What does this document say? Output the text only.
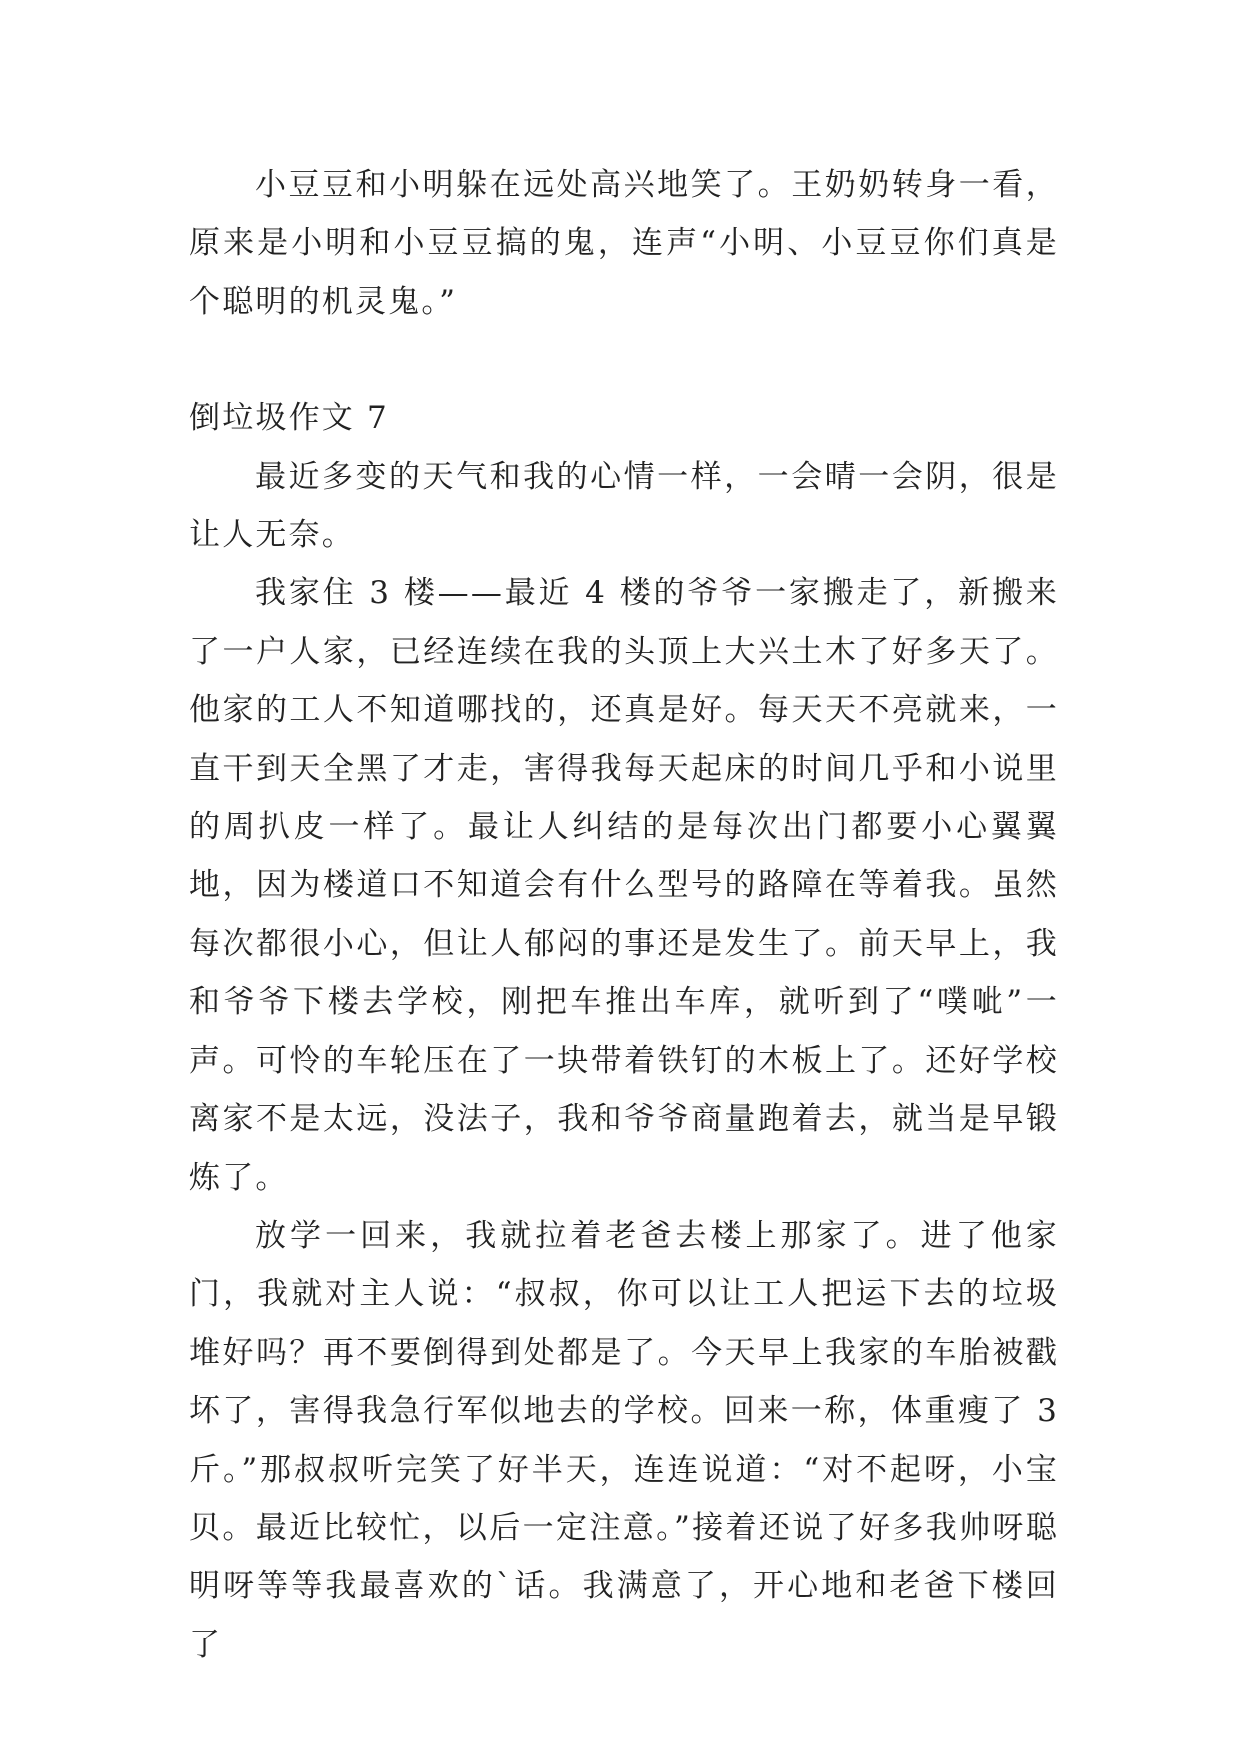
小豆豆和小明躲在远处高兴地笑了。王奶奶转身一看，原来是小明和小豆豆搞的鬼，连声“小明、小豆豆你们真是个聪明的机灵鬼。”

倒垃圾作文 7

最近多变的天气和我的心情一样，一会晴一会阴，很是让人无奈。

我家住 3 楼——最近 4 楼的爷爷一家搬走了，新搬来了一户人家，已经连续在我的头顶上大兴土木了好多天了。他家的工人不知道哪找的，还真是好。每天天不亮就来，一直干到天全黑了才走，害得我每天起床的时间几乎和小说里的周扒皮一样了。最让人纠结的是每次出门都要小心翼翼地，因为楼道口不知道会有什么型号的路障在等着我。虽然每次都很小心，但让人郁闷的事还是发生了。前天早上，我和爷爷下楼去学校，刚把车推出车库，就听到了“噗呲”一声。可怜的车轮压在了一块带着铁钉的木板上了。还好学校离家不是太远，没法子，我和爷爷商量跑着去，就当是早锻炼了。

放学一回来，我就拉着老爸去楼上那家了。进了他家门，我就对主人说：“叔叔，你可以让工人把运下去的垃圾堆好吗？再不要倒得到处都是了。今天早上我家的车胎被戳坏了，害得我急行军似地去的学校。回来一称，体重瘦了 3 斤。”那叔叔听完笑了好半天，连连说道：“对不起呀，小宝贝。最近比较忙，以后一定注意。”接着还说了好多我帅呀聪明呀等等我最喜欢的`话。我满意了，开心地和老爸下楼回了
